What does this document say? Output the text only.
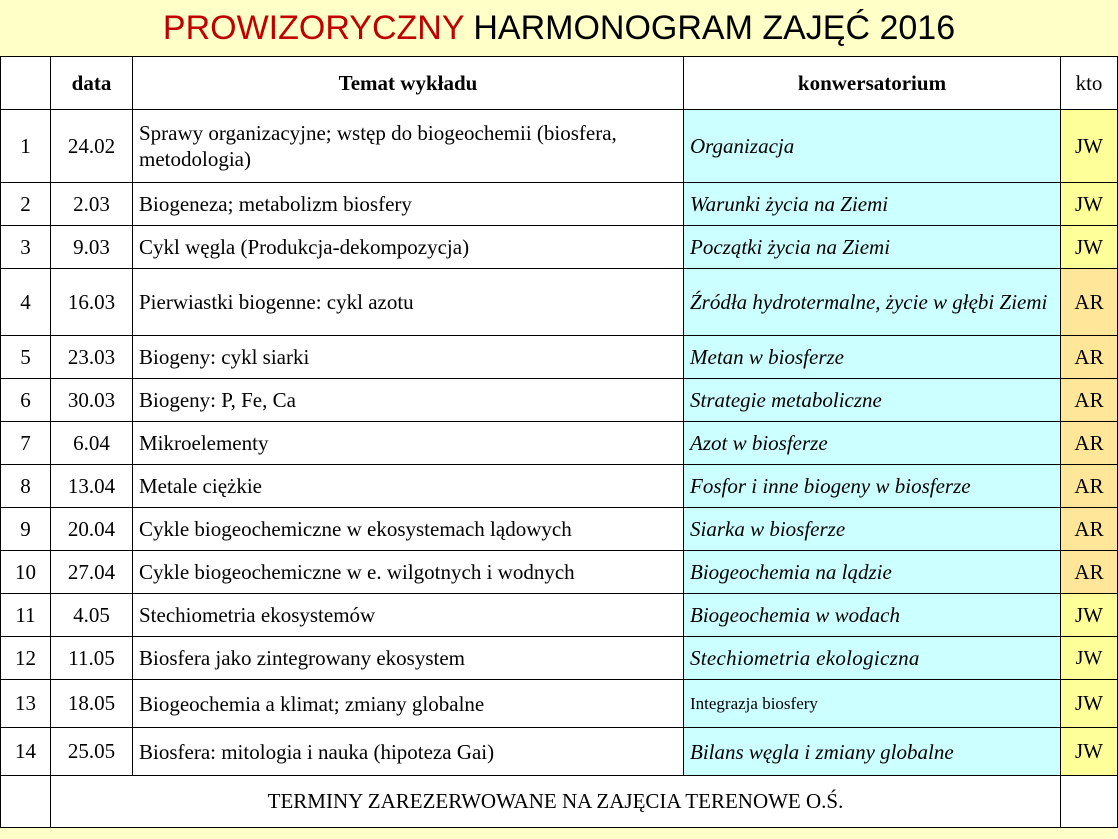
PROWIZORYCZNY HARMONOGRAM ZAJĘĆ 2016
	data	Temat wykładu	konwersatorium	kto
1	24.02	Sprawy organizacyjne; wstęp do biogeochemii (biosfera, metodologia)	Organizacja	JW
2	2.03	Biogeneza; metabolizm biosfery	Warunki życia na Ziemi	JW
3	9.03	Cykl węgla (Produkcja-dekompozycja)	Początki życia na Ziemi	JW
4	16.03	Pierwiastki biogenne: cykl azotu	Źródła hydrotermalne, życie w głębi Ziemi	AR
5	23.03	Biogeny: cykl siarki	Metan w biosferze	AR
6	30.03	Biogeny: P, Fe, Ca	Strategie metaboliczne	AR
7	6.04	Mikroelementy	Azot w biosferze	AR
8	13.04	Metale ciężkie	Fosfor i inne biogeny w biosferze	AR
9	20.04	Cykle biogeochemiczne w ekosystemach lądowych	Siarka w biosferze	AR
10	27.04	Cykle biogeochemiczne w e. wilgotnych i wodnych	Biogeochemia na lądzie	AR
11	4.05	Stechiometria ekosystemów	Biogeochemia w wodach	JW
12	11.05	Biosfera jako zintegrowany ekosystem	Stechiometria ekologiczna	JW
13	18.05	Biogeochemia a klimat; zmiany globalne	Integrazja biosfery	JW
14	25.05	Biosfera: mitologia i nauka (hipoteza Gai)	Bilans węgla i zmiany globalne	JW
	TERMINY ZAREZERWOWANE NA ZAJĘCIA TERENOWE O.Ś.			
